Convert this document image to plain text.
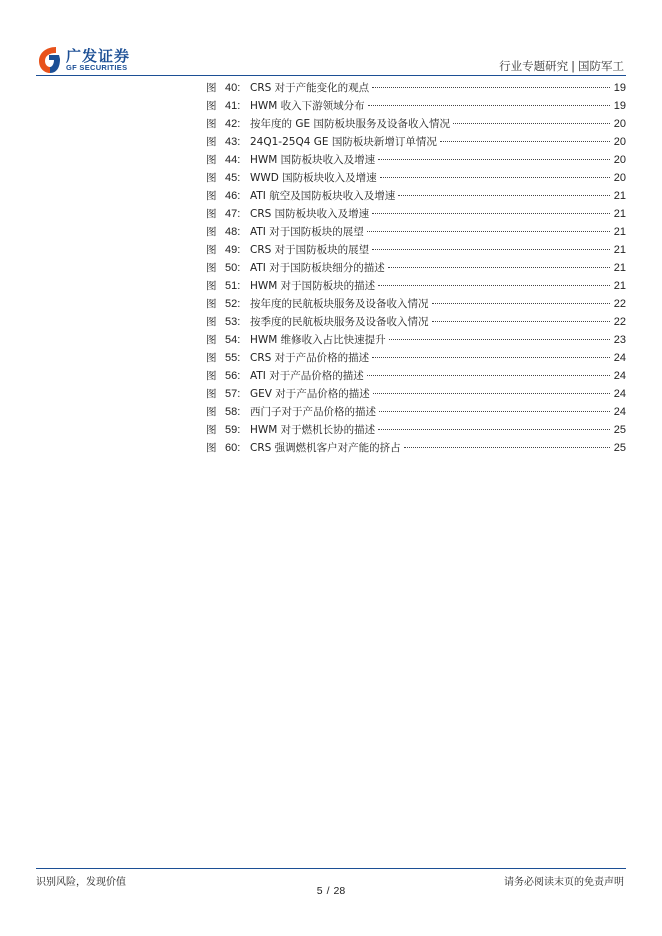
广发证券
GF SECURITIES	行业专题研究 | 国防军工
图 40: CRS 对于产能变化的观点	19
图 41: HWM 收入下游领域分布	19
图 42: 按年度的 GE 国防板块服务及设备收入情况	20
图 43: 24Q1-25Q4 GE 国防板块新增订单情况	20
图 44: HWM 国防板块收入及增速	20
图 45: WWD 国防板块收入及增速	20
图 46: ATI 航空及国防板块收入及增速	21
图 47: CRS 国防板块收入及增速	21
图 48: ATI 对于国防板块的展望	21
图 49: CRS 对于国防板块的展望	21
图 50: ATI 对于国防板块细分的描述	21
图 51: HWM 对于国防板块的描述	21
图 52: 按年度的民航板块服务及设备收入情况	22
图 53: 按季度的民航板块服务及设备收入情况	22
图 54: HWM 维修收入占比快速提升	23
图 55: CRS 对于产品价格的描述	24
图 56: ATI 对于产品价格的描述	24
图 57: GEV 对于产品价格的描述	24
图 58: 西门子对于产品价格的描述	24
图 59: HWM 对于燃机长协的描述	25
图 60: CRS 强调燃机客户对产能的挤占	25
识别风险，发现价值	请务必阅读末页的免责声明
5 / 28
